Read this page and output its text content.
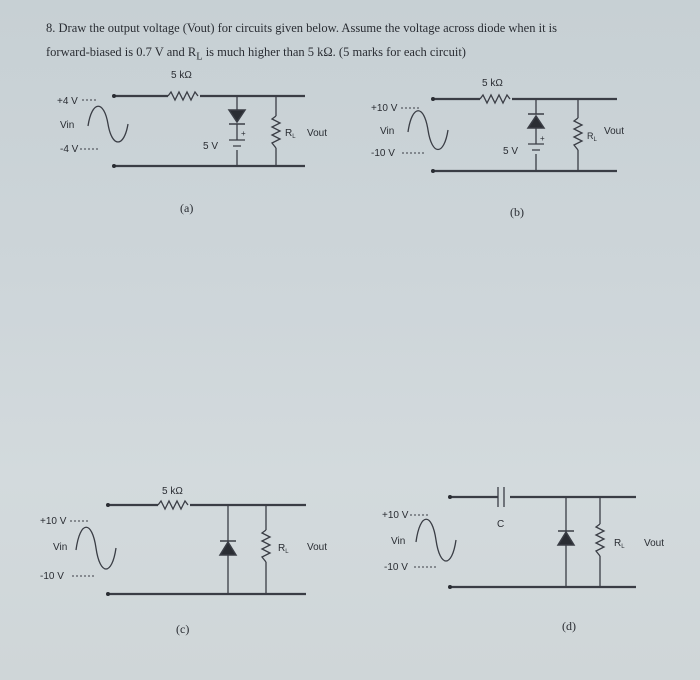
8. Draw the output voltage (Vout) for circuits given below. Assume the voltage across diode when it is

forward-biased is 0.7 V and $R_L$ is much higher than 5 kΩ. (5 marks for each circuit)

5 kΩ
+
5 V
$R_L$ Vout
+4 V
Vin
-4 V
(a)
5 kΩ
+
5 V
$R_L$
Vout
+10 V
Vin
-10 V
(b)
5 kΩ
$R_L$ Vout
+10 V
Vin
-10 V
(c)
C
$R_L$ Vout
+10 V
Vin
-10 V
(d)
